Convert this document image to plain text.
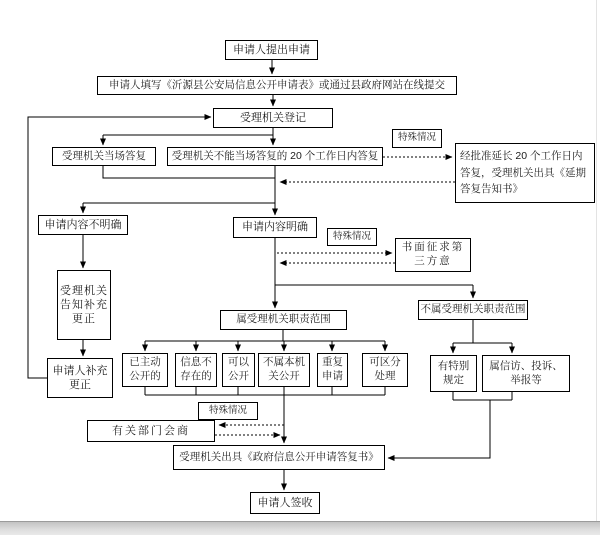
申请人提出申请
申请人填写《沂源县公安局信息公开申请表》或通过县政府网站在线提交
受理机关登记
受理机关当场答复	受理机关不能当场答复的 20 个工作日内答复
特殊情况
经批准延长 20 个工作日内答复，受理机关出具《延期答复告知书》
申请内容不明确	申请内容明确
特殊情况
书面征求第三方意
受理机关告知补充更正
申请人补充更正
属受理机关职责范围
不属受理机关职责范围
已主动公开的
信息不存在的
可以公开
不属本机关公开
重复申请
可区分处理
有特别规定
属信访、投诉、举报等
特殊情况
有关部门会商
受理机关出具《政府信息公开申请答复书》
申请人签收
